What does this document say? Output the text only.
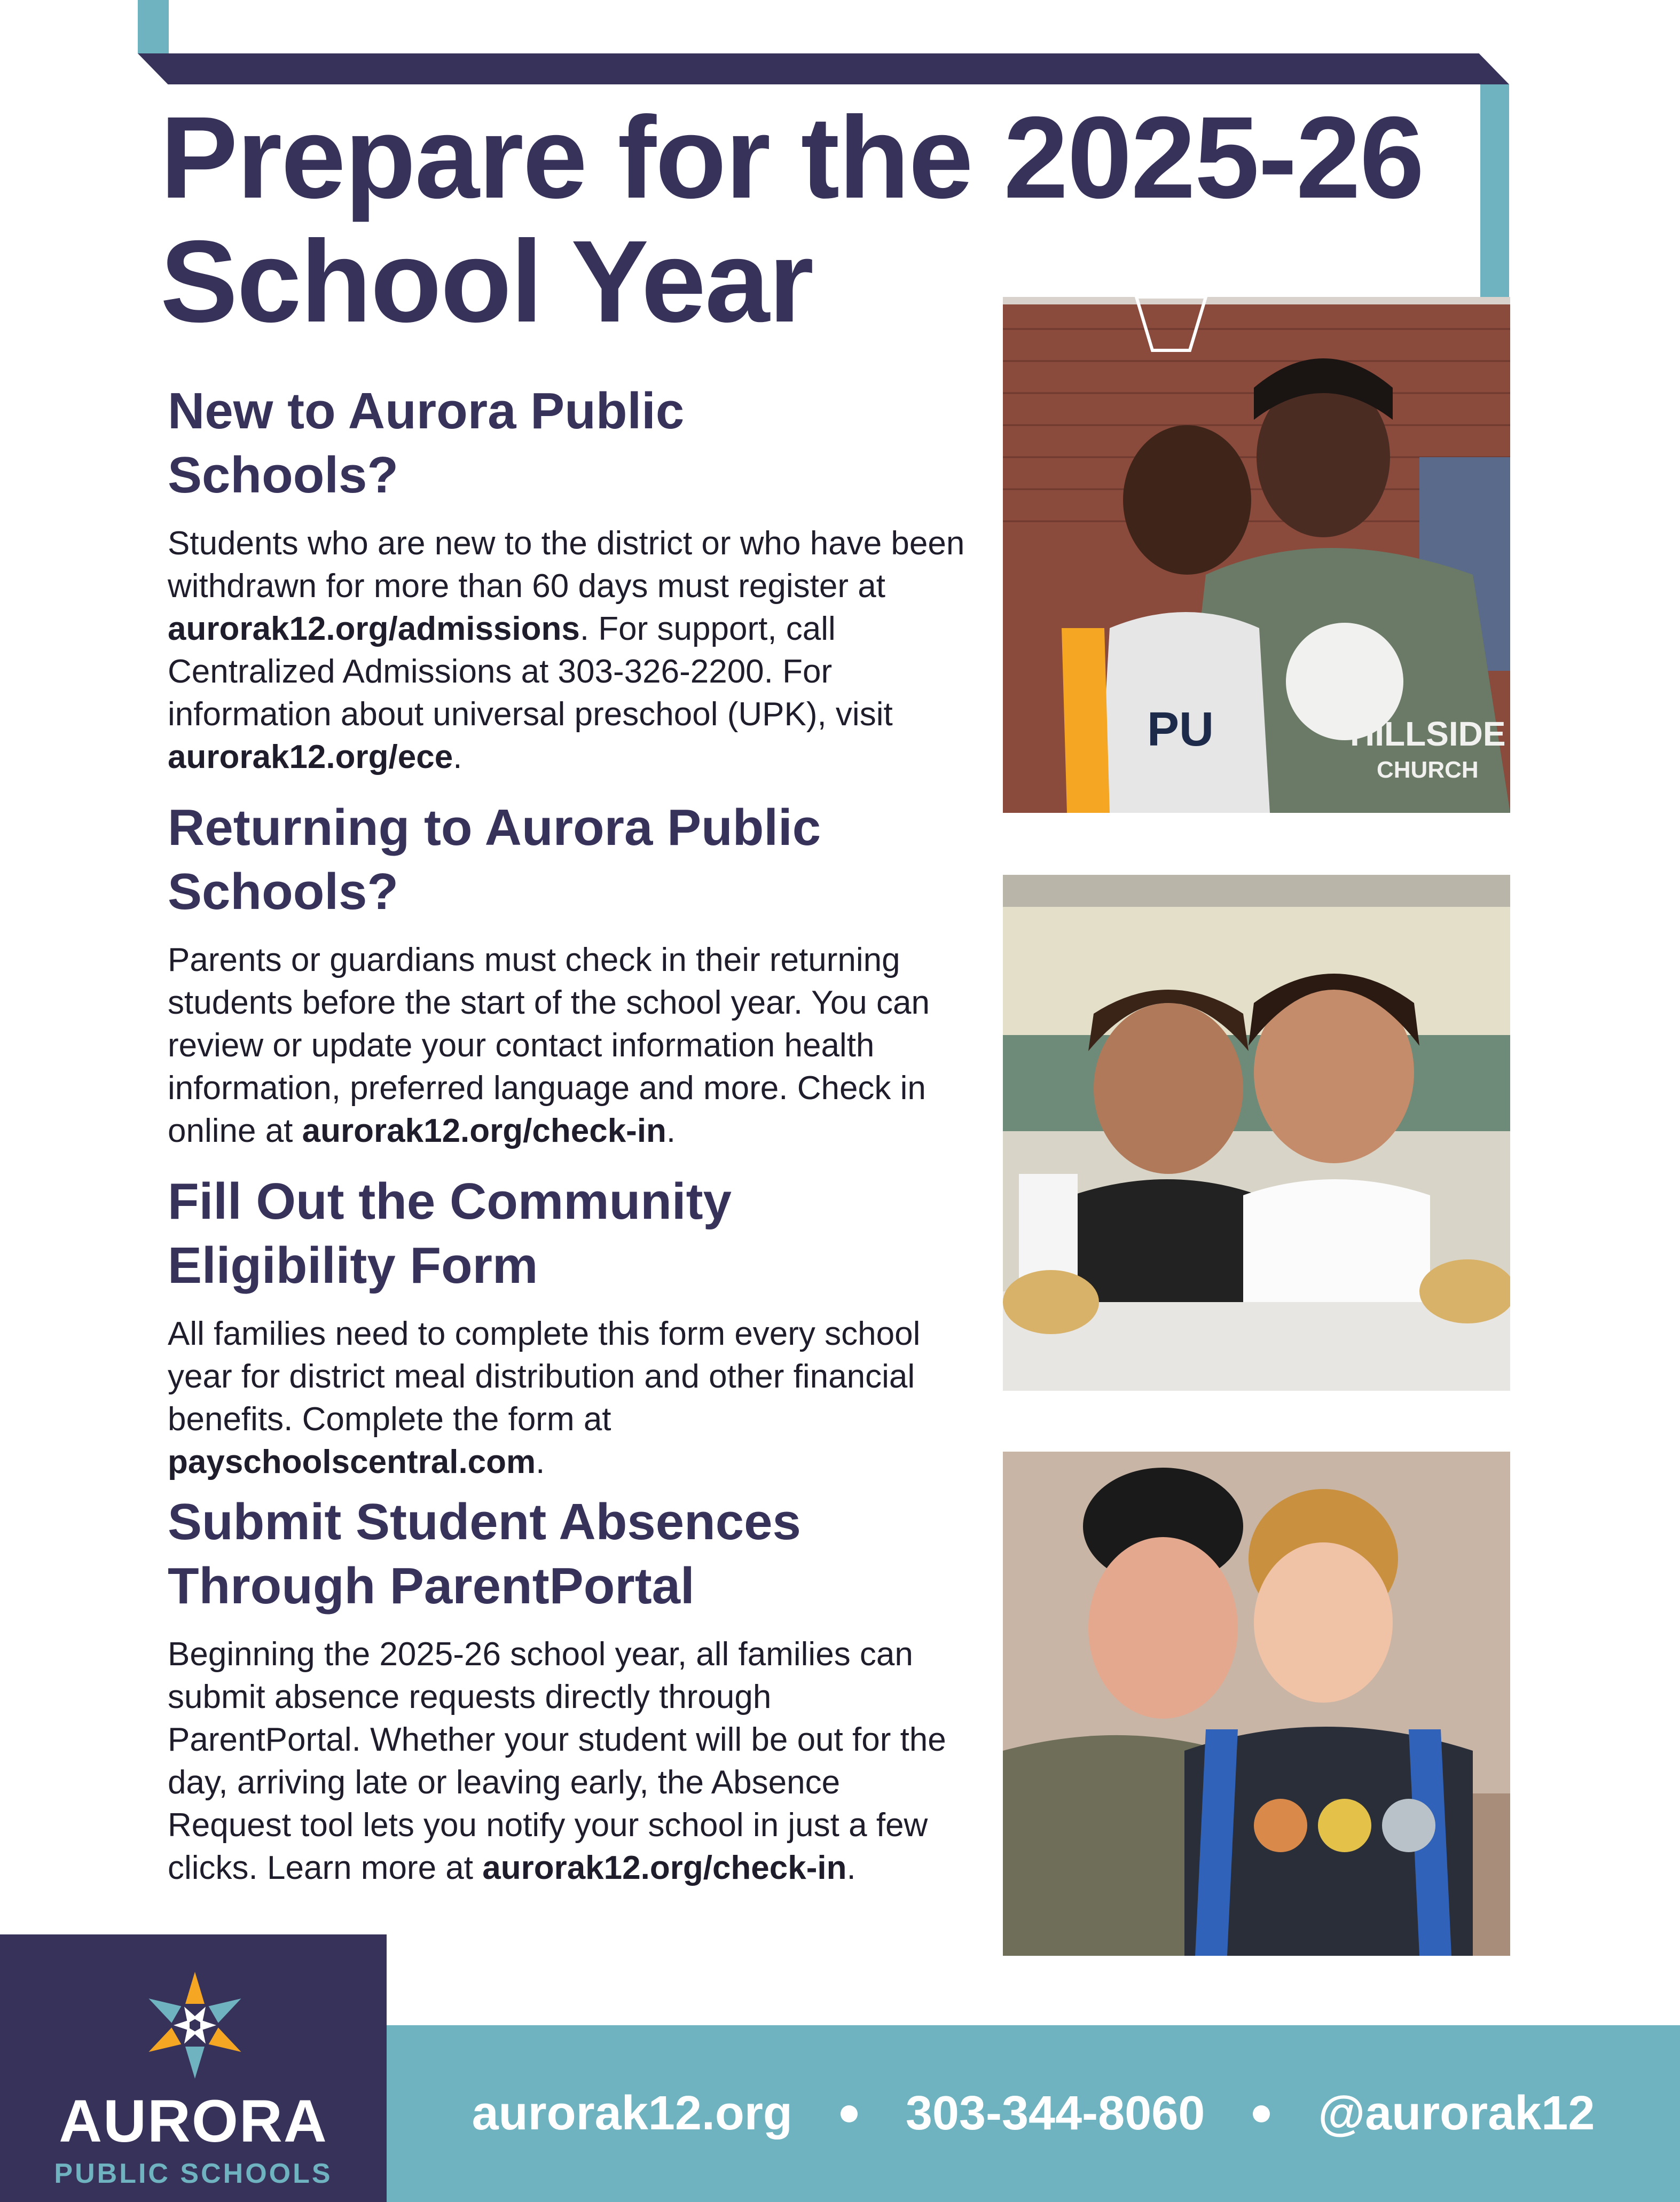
Prepare for the 2025-26 School Year
New to Aurora Public Schools?

Students who are new to the district or who have been withdrawn for more than 60 days must register at aurorak12.org/admissions. For support, call Centralized Admissions at 303-326-2200. For information about universal preschool (UPK), visit aurorak12.org/ece.

Returning to Aurora Public Schools?

Parents or guardians must check in their returning students before the start of the school year. You can review or update your contact information health information, preferred language and more. Check in online at aurorak12.org/check-in.

Fill Out the Community Eligibility Form

All families need to complete this form every school year for district meal distribution and other financial benefits. Complete the form at payschoolscentral.com.

Submit Student Absences Through ParentPortal

Beginning the 2025-26 school year, all families can submit absence requests directly through ParentPortal. Whether your student will be out for the day, arriving late or leaving early, the Absence Request tool lets you notify your school in just a few clicks. Learn more at aurorak12.org/check-in.

HILLSIDE
CHURCH
PU
AURORA
PUBLIC SCHOOLS
aurorak12.org 303-344-8060 @aurorak12
